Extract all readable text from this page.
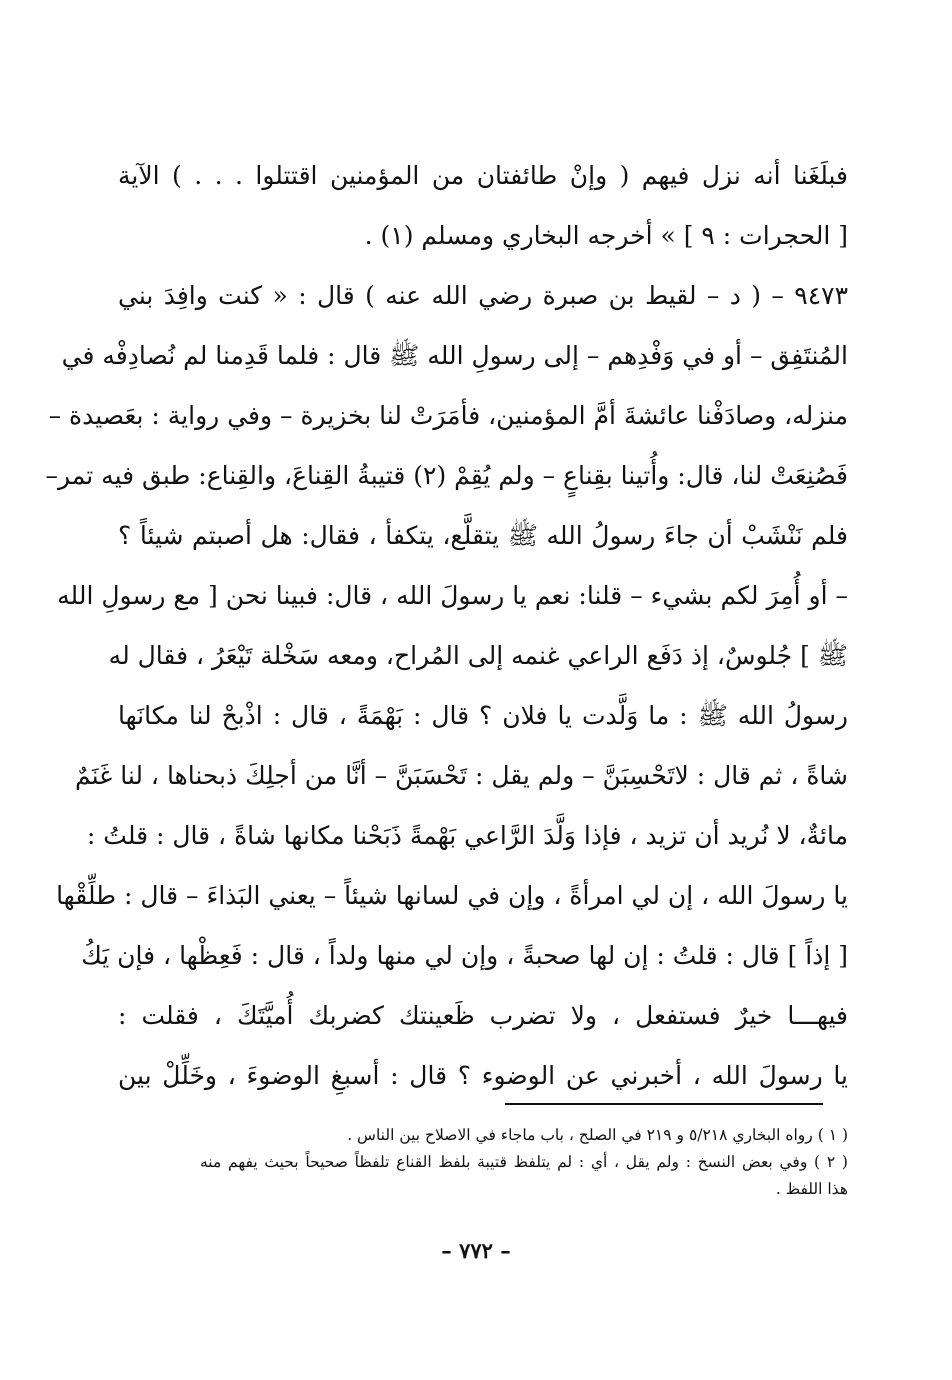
فبلَغَنا أنه نزل فيهم ( وإنْ طائفتان من المؤمنين اقتتلوا . . . ) الآية
[ الحجرات : ٩ ] » أخرجه البخاري ومسلم (١) .
٩٤٧٣ – ( د – لقيط بن صبرة رضي الله عنه ) قال : « كنت وافِدَ بني
المُنتَفِق – أو في وَفْدِهم – إلى رسولِ الله ﷺ قال : فلما قَدِمنا لم نُصادِفْه في
منزله، وصادَفْنا عائشةَ أمَّ المؤمنين، فأمَرَتْ لنا بخزيرة – وفي رواية : بعَصيدة –
فَصُنِعَتْ لنا، قال: وأُتينا بقِناعٍ – ولم يُقِمْ (٢) قتيبةُ القِناعَ، والقِناع: طبق فيه تمر–
فلم نَنْشَبْ أن جاءَ رسولُ الله ﷺ يتقلَّع، يتكفأ ، فقال: هل أصبتم شيئاً ؟
– أو أُمِرَ لكم بشيء – قلنا: نعم يا رسولَ الله ، قال: فبينا نحن [ مع رسولِ الله
ﷺ ] جُلوسٌ، إذ دَفَع الراعي غنمه إلى المُراح، ومعه سَخْلة تَيْعَرُ ، فقال له
رسولُ الله ﷺ : ما وَلَّدت يا فلان ؟ قال : بَهْمَةً ، قال : اذْبحْ لنا مكانَها
شاةً ، ثم قال : لاتَحْسِبَنَّ – ولم يقل : تَحْسَبَنَّ – أنَّا من أجلِكَ ذبحناها ، لنا غَنَمٌ
مائةٌ، لا نُريد أن تزيد ، فإذا وَلَّدَ الرَّاعي بَهْمةً ذَبَحْنا مكانها شاةً ، قال : قلتُ :
يا رسولَ الله ، إن لي امرأةً ، وإن في لسانها شيئاً – يعني البَذاءَ – قال : طلِّقْها
[ إذاً ] قال : قلتُ : إن لها صحبةً ، وإن لي منها ولداً ، قال : فَعِظْها ، فإن يَكُ
فيهـــا خيرٌ فستفعل ، ولا تضرب ظَعينتك كضربك أُميَّتَكَ ، فقلت :
يا رسولَ الله ، أخبرني عن الوضوء ؟ قال : أسبغِ الوضوءَ ، وخَلِّلْ بين
( ١ ) رواه البخاري ٥/٢١٨ و ٢١٩ في الصلح ، باب ماجاء في الاصلاح بين الناس .
( ٢ ) وفي بعض النسخ : ولم يقل ، أي : لم يتلفظ قتيبة بلفظ القناع تلفظاً صحيحاً بحيث يفهم منه
هذا اللفظ .
– ٧٧٢ –
